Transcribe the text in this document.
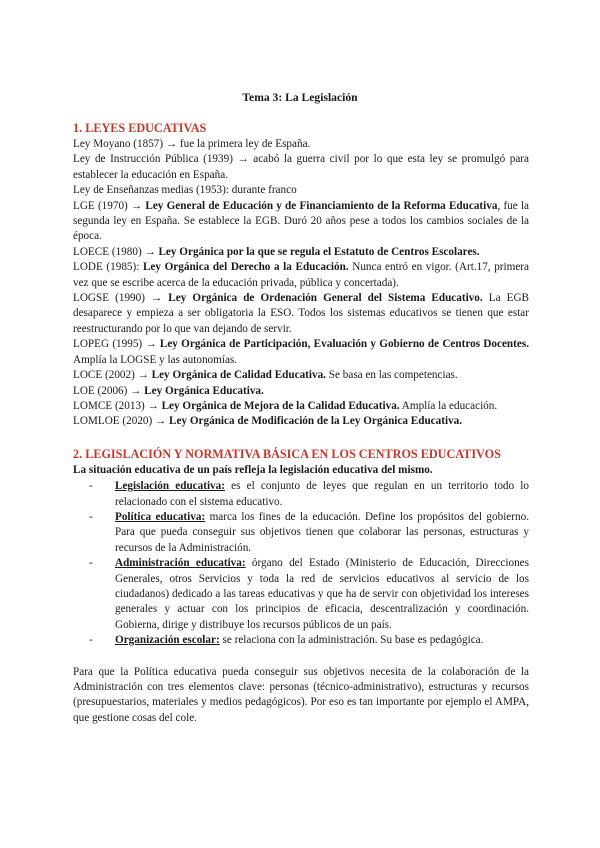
Tema 3: La Legislación

1. LEYES EDUCATIVAS

Ley Moyano (1857) → fue la primera ley de España.

Ley de Instrucción Pública (1939) → acabó la guerra civil por lo que esta ley se promulgó para establecer la educación en España.

Ley de Enseñanzas medias (1953): durante franco

LGE (1970) → Ley General de Educación y de Financiamiento de la Reforma Educativa, fue la segunda ley en España. Se establece la EGB. Duró 20 años pese a todos los cambios sociales de la época.

LOECE (1980) → Ley Orgánica por la que se regula el Estatuto de Centros Escolares.

LODE (1985): Ley Orgánica del Derecho a la Educación. Nunca entró en vigor. (Art.17, primera vez que se escribe acerca de la educación privada, pública y concertada).

LOGSE (1990) → Ley Orgánica de Ordenación General del Sistema Educativo. La EGB desaparece y empieza a ser obligatoria la ESO. Todos los sistemas educativos se tienen que estar reestructurando por lo que van dejando de servir.

LOPEG (1995) → Ley Orgánica de Participación, Evaluación y Gobierno de Centros Docentes. Amplía la LOGSE y las autonomías.

LOCE (2002) → Ley Orgánica de Calidad Educativa. Se basa en las competencias.

LOE (2006) → Ley Orgánica Educativa.

LOMCE (2013) → Ley Orgánica de Mejora de la Calidad Educativa. Amplía la educación.

LOMLOE (2020) → Ley Orgánica de Modificación de la Ley Orgánica Educativa.

2. LEGISLACIÓN Y NORMATIVA BÁSICA EN LOS CENTROS EDUCATIVOS

La situación educativa de un país refleja la legislación educativa del mismo.

- Legislación educativa: es el conjunto de leyes que regulan en un territorio todo lo relacionado con el sistema educativo.
- Política educativa: marca los fines de la educación. Define los propósitos del gobierno. Para que pueda conseguir sus objetivos tienen que colaborar las personas, estructuras y recursos de la Administración.
- Administración educativa: órgano del Estado (Ministerio de Educación, Direcciones Generales, otros Servicios y toda la red de servicios educativos al servicio de los ciudadanos) dedicado a las tareas educativas y que ha de servir con objetividad los intereses generales y actuar con los principios de eficacia, descentralización y coordinación. Gobierna, dirige y distribuye los recursos públicos de un país.
- Organización escolar: se relaciona con la administración. Su base es pedagógica.

Para que la Política educativa pueda conseguir sus objetivos necesita de la colaboración de la Administración con tres elementos clave: personas (técnico-administrativo), estructuras y recursos (presupuestarios, materiales y medios pedagógicos). Por eso es tan importante por ejemplo el AMPA, que gestione cosas del cole.
